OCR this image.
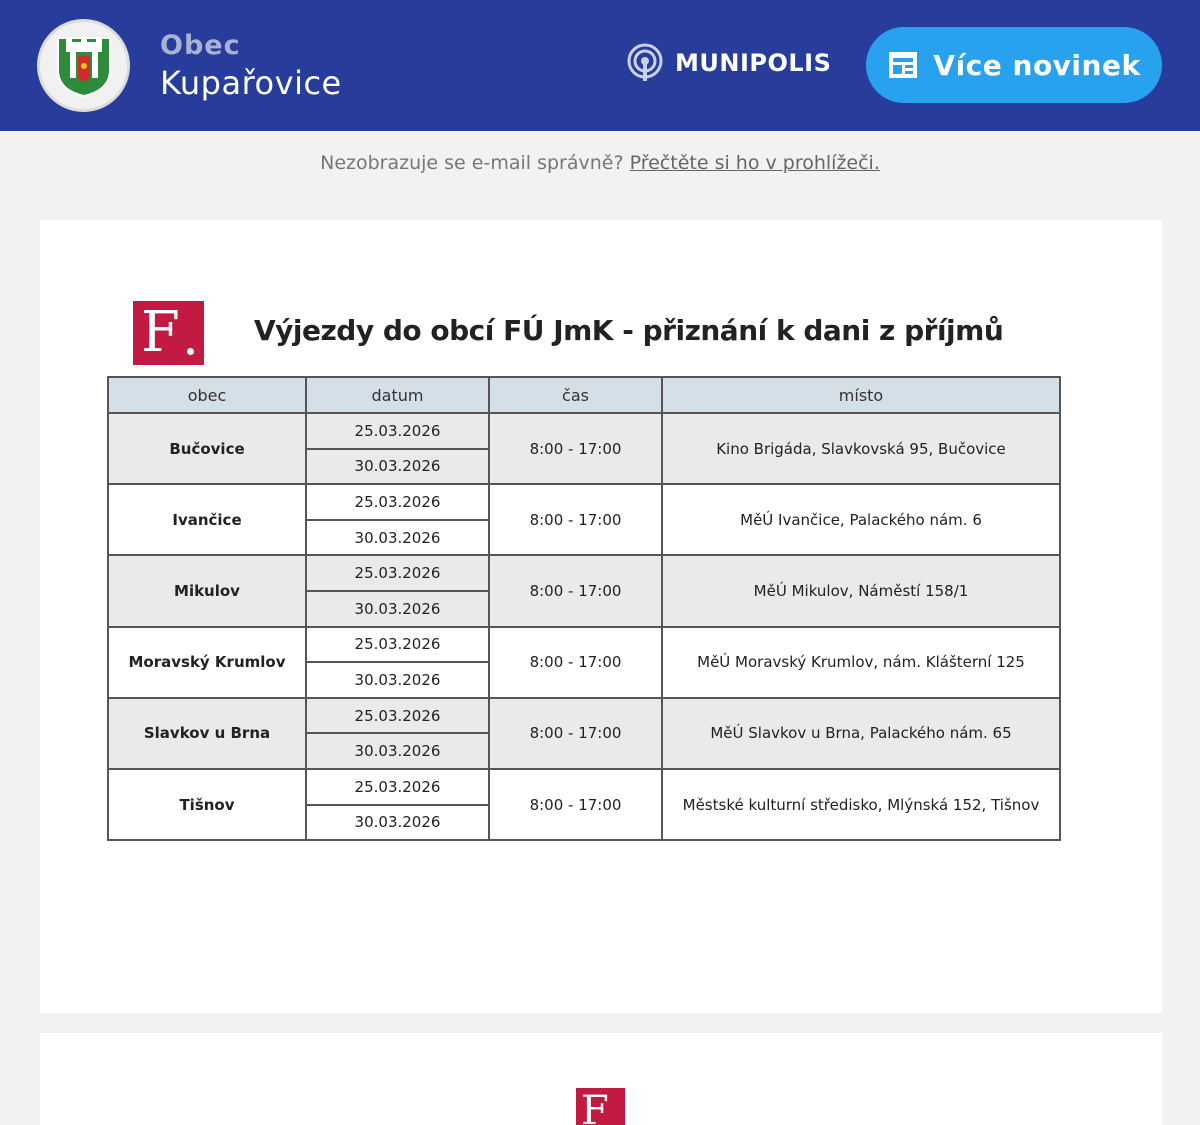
Obec
Kupařovice
MUNIPOLIS	Více novinek
Nezobrazuje se e-mail správně? Přečtěte si ho v prohlížeči.
F	Výjezdy do obcí FÚ JmK - přiznání k dani z příjmů
obec	datum	čas	místo
Bučovice	25.03.2026	8:00 - 17:00	Kino Brigáda, Slavkovská 95, Bučovice
	30.03.2026		
Ivančice	25.03.2026	8:00 - 17:00	MěÚ Ivančice, Palackého nám. 6
	30.03.2026		
Mikulov	25.03.2026	8:00 - 17:00	MěÚ Mikulov, Náměstí 158/1
	30.03.2026		
Moravský Krumlov	25.03.2026	8:00 - 17:00	MěÚ Moravský Krumlov, nám. Klášterní 125
	30.03.2026		
Slavkov u Brna	25.03.2026	8:00 - 17:00	MěÚ Slavkov u Brna, Palackého nám. 65
	30.03.2026		
Tišnov	25.03.2026	8:00 - 17:00	Městské kulturní středisko, Mlýnská 152, Tišnov
	30.03.2026		
F
